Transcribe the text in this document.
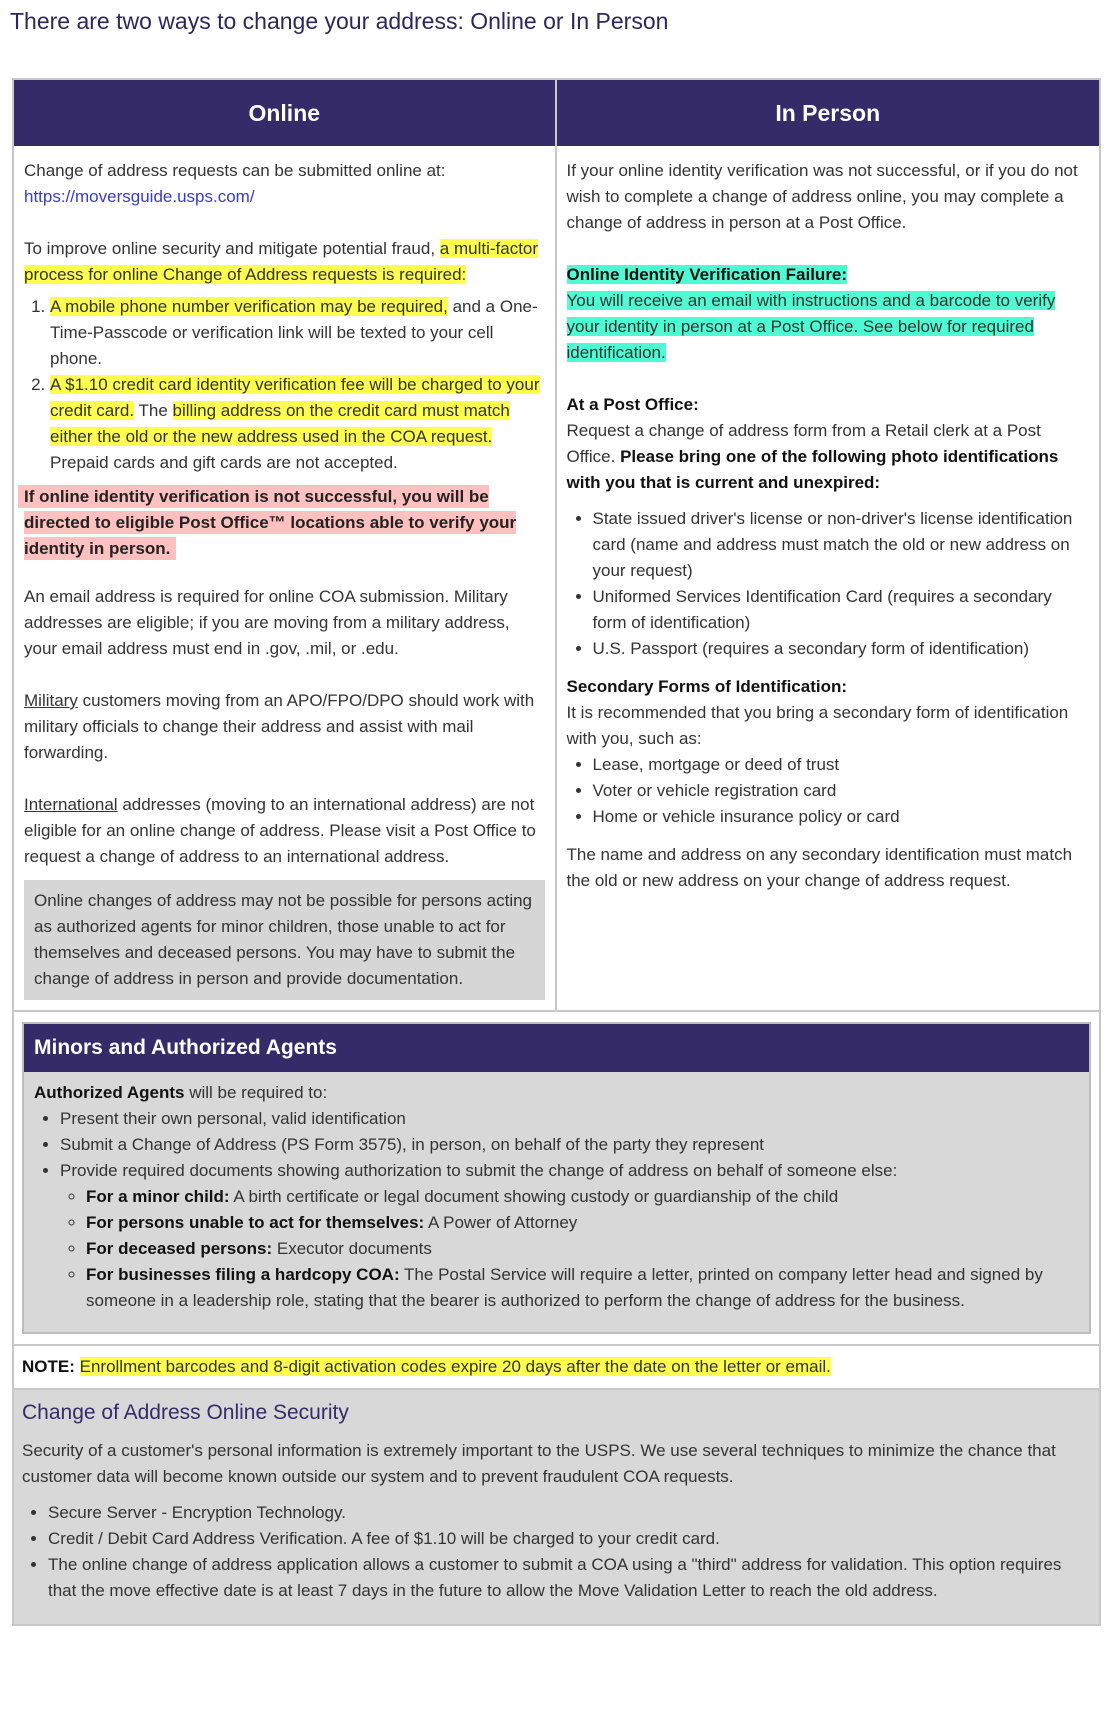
There are two ways to change your address: Online or In Person
Online

Change of address requests can be submitted online at: https://moversguide.usps.com/

To improve online security and mitigate potential fraud, a multi-factor process for online Change of Address requests is required:
1. A mobile phone number verification may be required, and a One-Time-Passcode or verification link will be texted to your cell phone.
2. A $1.10 credit card identity verification fee will be charged to your credit card. The billing address on the credit card must match either the old or the new address used in the COA request. Prepaid cards and gift cards are not accepted.

If online identity verification is not successful, you will be directed to eligible Post Office™ locations able to verify your identity in person.

An email address is required for online COA submission. Military addresses are eligible; if you are moving from a military address, your email address must end in .gov, .mil, or .edu.

Military customers moving from an APO/FPO/DPO should work with military officials to change their address and assist with mail forwarding.

International addresses (moving to an international address) are not eligible for an online change of address. Please visit a Post Office to request a change of address to an international address.

Online changes of address may not be possible for persons acting as authorized agents for minor children, those unable to act for themselves and deceased persons. You may have to submit the change of address in person and provide documentation.
In Person

If your online identity verification was not successful, or if you do not wish to complete a change of address online, you may complete a change of address in person at a Post Office.

Online Identity Verification Failure:
You will receive an email with instructions and a barcode to verify your identity in person at a Post Office. See below for required identification.

At a Post Office:
Request a change of address form from a Retail clerk at a Post Office. Please bring one of the following photo identifications with you that is current and unexpired:
• State issued driver's license or non-driver's license identification card (name and address must match the old or new address on your request)
• Uniformed Services Identification Card (requires a secondary form of identification)
• U.S. Passport (requires a secondary form of identification)
Secondary Forms of Identification:
It is recommended that you bring a secondary form of identification with you, such as:
• Lease, mortgage or deed of trust
• Voter or vehicle registration card
• Home or vehicle insurance policy or card

The name and address on any secondary identification must match the old or new address on your change of address request.

Minors and Authorized Agents
Authorized Agents will be required to:
• Present their own personal, valid identification
• Submit a Change of Address (PS Form 3575), in person, on behalf of the party they represent
• Provide required documents showing authorization to submit the change of address on behalf of someone else:
◦ For a minor child: A birth certificate or legal document showing custody or guardianship of the child
◦ For persons unable to act for themselves: A Power of Attorney
◦ For deceased persons: Executor documents
◦ For businesses filing a hardcopy COA: The Postal Service will require a letter, printed on company letter head and signed by someone in a leadership role, stating that the bearer is authorized to perform the change of address for the business.
NOTE: Enrollment barcodes and 8-digit activation codes expire 20 days after the date on the letter or email.
Change of Address Online Security

Security of a customer's personal information is extremely important to the USPS. We use several techniques to minimize the chance that customer data will become known outside our system and to prevent fraudulent COA requests.

• Secure Server - Encryption Technology.
• Credit / Debit Card Address Verification. A fee of $1.10 will be charged to your credit card.
• The online change of address application allows a customer to submit a COA using a "third" address for validation. This option requires that the move effective date is at least 7 days in the future to allow the Move Validation Letter to reach the old address.
